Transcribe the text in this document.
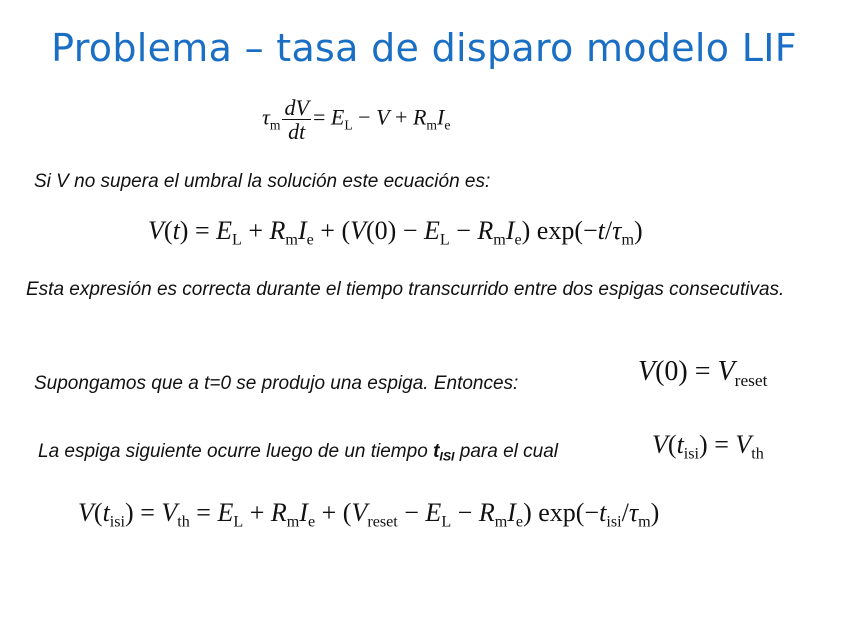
Problema – tasa de disparo modelo LIF
$\tau_m \frac{dV}{dt} = E_L - V + R_mI_e$
Si V no supera el umbral la solución este ecuación es:
$V(t) = E_L + R_mI_e + (V(0) - E_L - R_mI_e)$ $\exp(-t/\tau_m)$
Esta expresión es correcta durante el tiempo transcurrido entre dos espigas consecutivas.
Supongamos que a t=0 se produjo una espiga. Entonces:	$V(0) = V_{reset}$
La espiga siguiente ocurre luego de un tiempo $t_{ISI}$ para el cual	$V(t_{isi}) = V_{th}$
$V(t_{isi}) = V_{th} = E_L + R_mI_e + (V_{reset} - E_L - R_mI_e)$ $\exp(-t_{isi}/\tau_m)$
